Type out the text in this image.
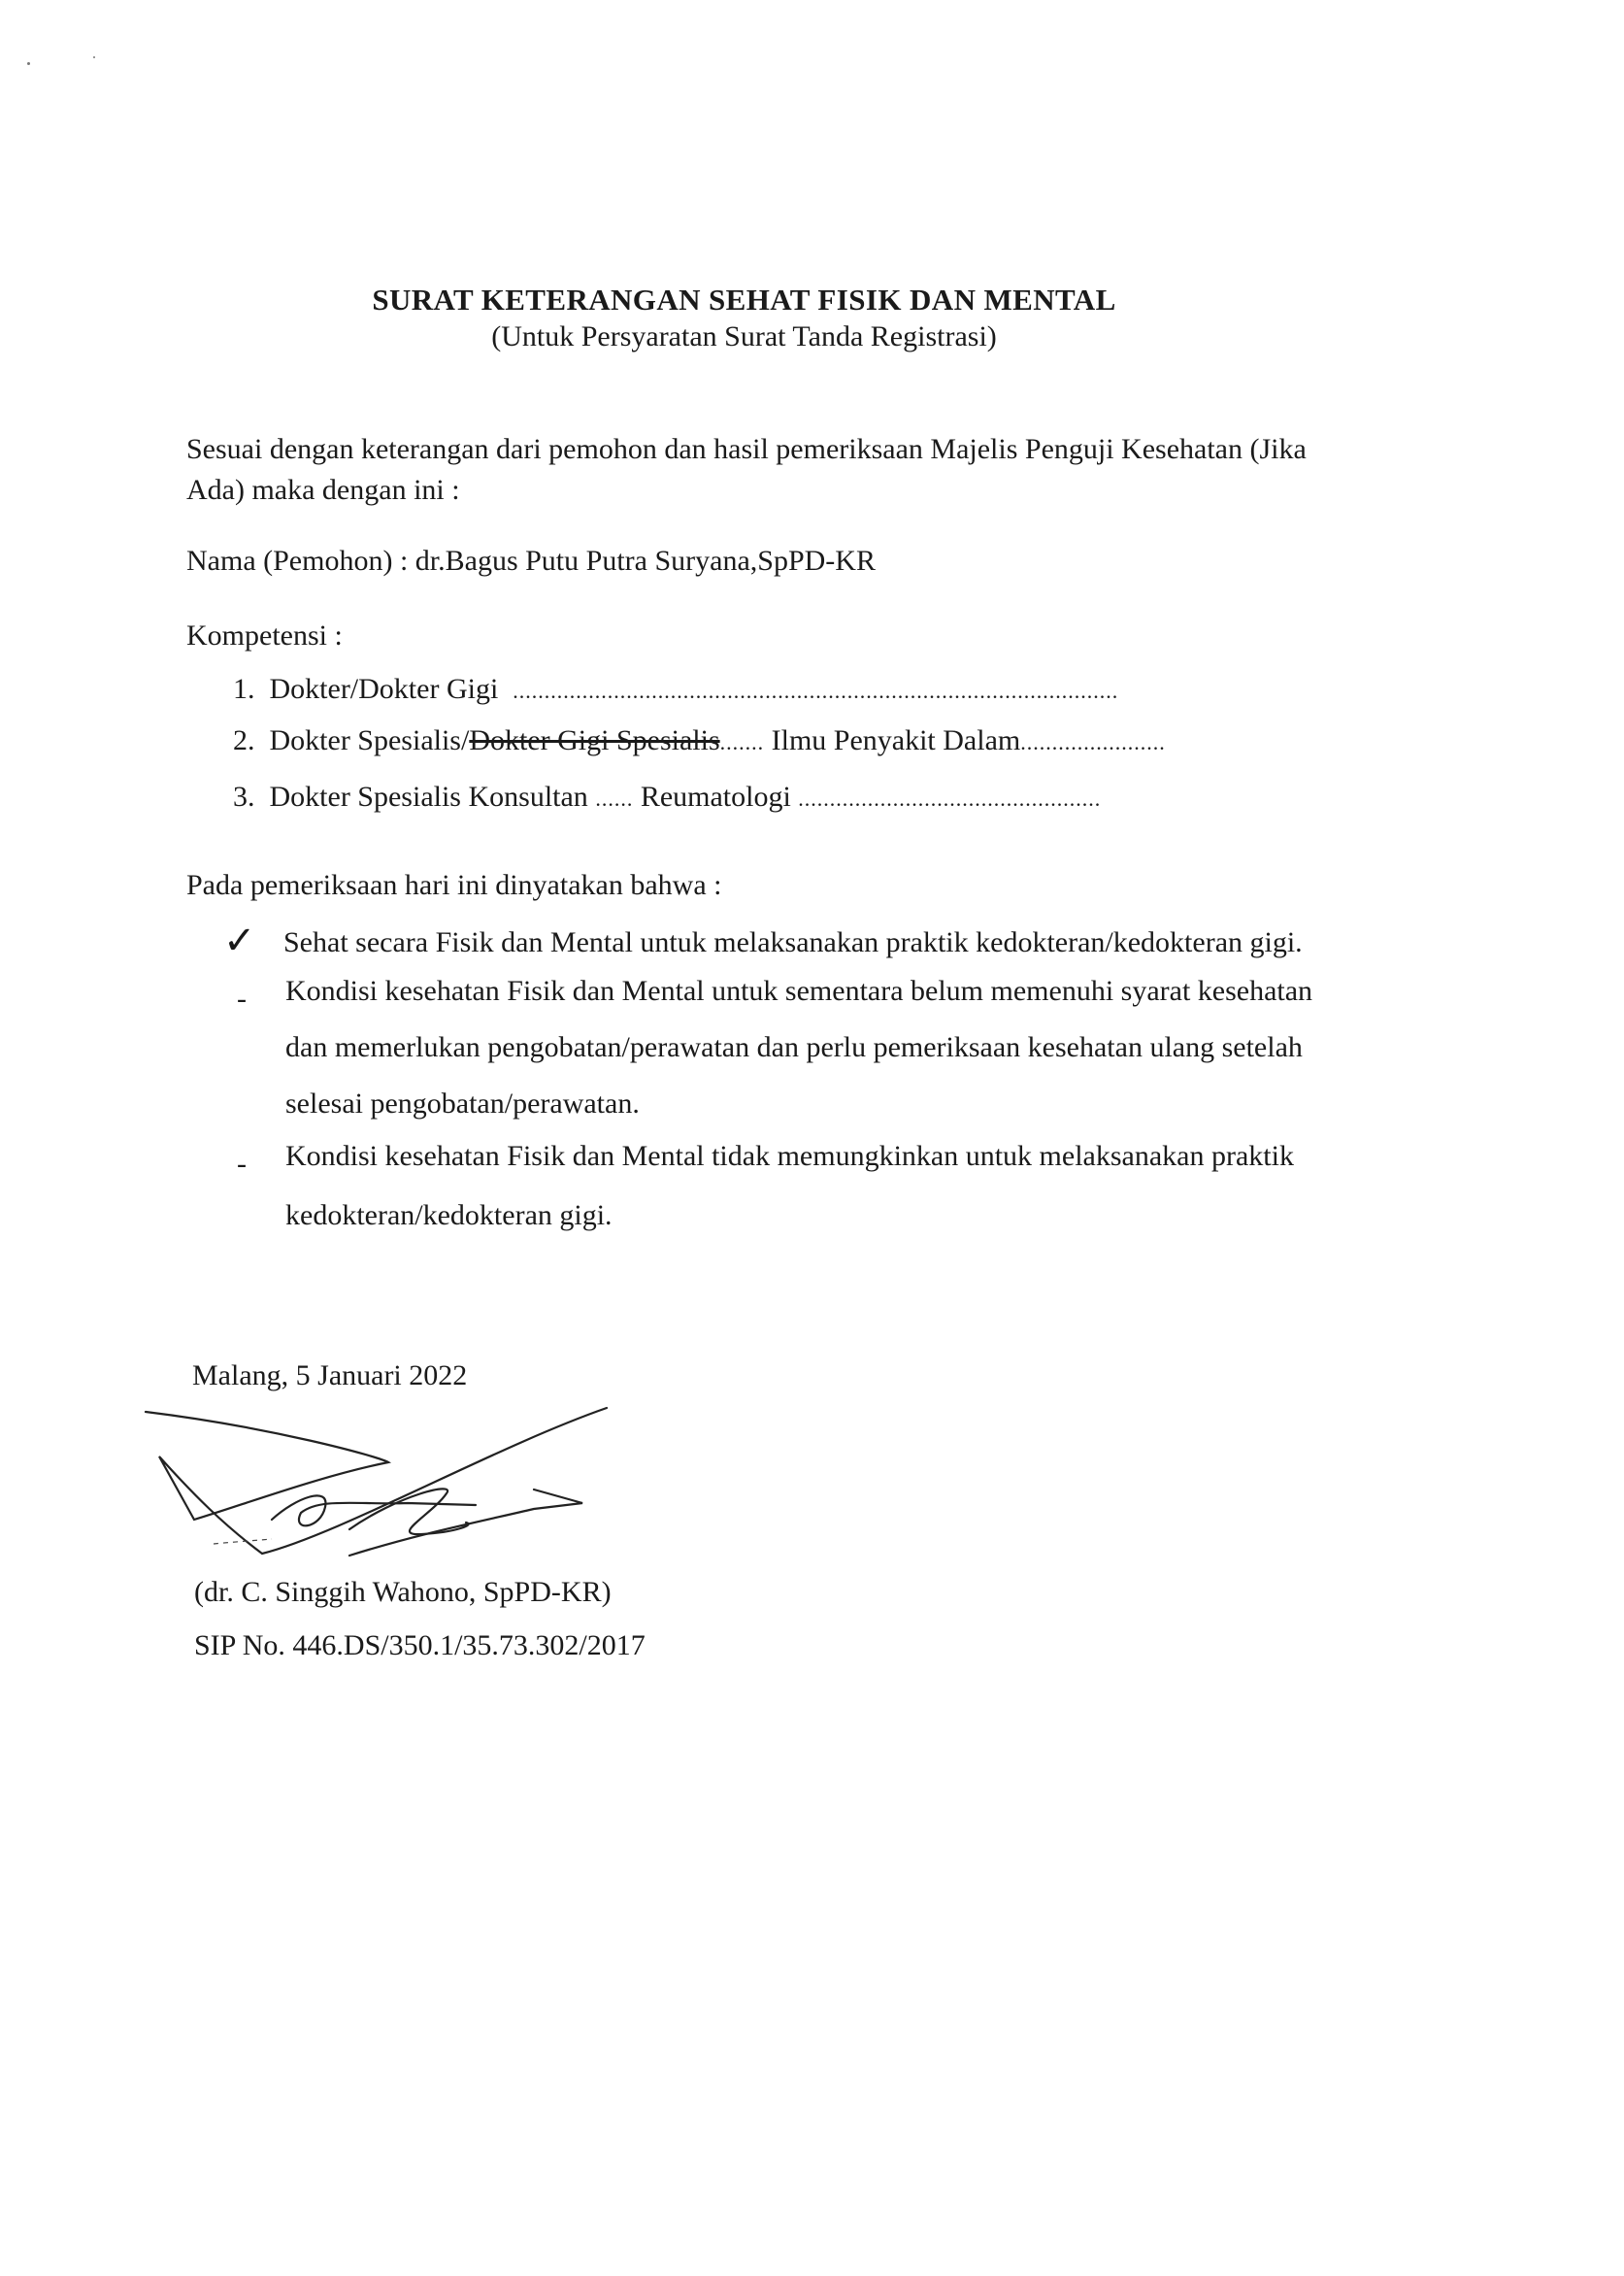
SURAT KETERANGAN SEHAT FISIK DAN MENTAL
(Untuk Persyaratan Surat Tanda Registrasi)
Sesuai dengan keterangan dari pemohon dan hasil pemeriksaan Majelis Penguji Kesehatan (Jika
Ada) maka dengan ini :
Nama (Pemohon) : dr.Bagus Putu Putra Suryana,SpPD-KR
Kompetensi :
1. Dokter/Dokter Gigi ................................................................................................
2. Dokter Spesialis/Dokter Gigi Spesialis....... Ilmu Penyakit Dalam.......................
3. Dokter Spesialis Konsultan ...... Reumatologi ................................................
Pada pemeriksaan hari ini dinyatakan bahwa :
✓ Sehat secara Fisik dan Mental untuk melaksanakan praktik kedokteran/kedokteran gigi.
- Kondisi kesehatan Fisik dan Mental untuk sementara belum memenuhi syarat kesehatan
dan memerlukan pengobatan/perawatan dan perlu pemeriksaan kesehatan ulang setelah
selesai pengobatan/perawatan.
- Kondisi kesehatan Fisik dan Mental tidak memungkinkan untuk melaksanakan praktik
kedokteran/kedokteran gigi.
Malang, 5 Januari 2022
(dr. C. Singgih Wahono, SpPD-KR)
SIP No. 446.DS/350.1/35.73.302/2017
